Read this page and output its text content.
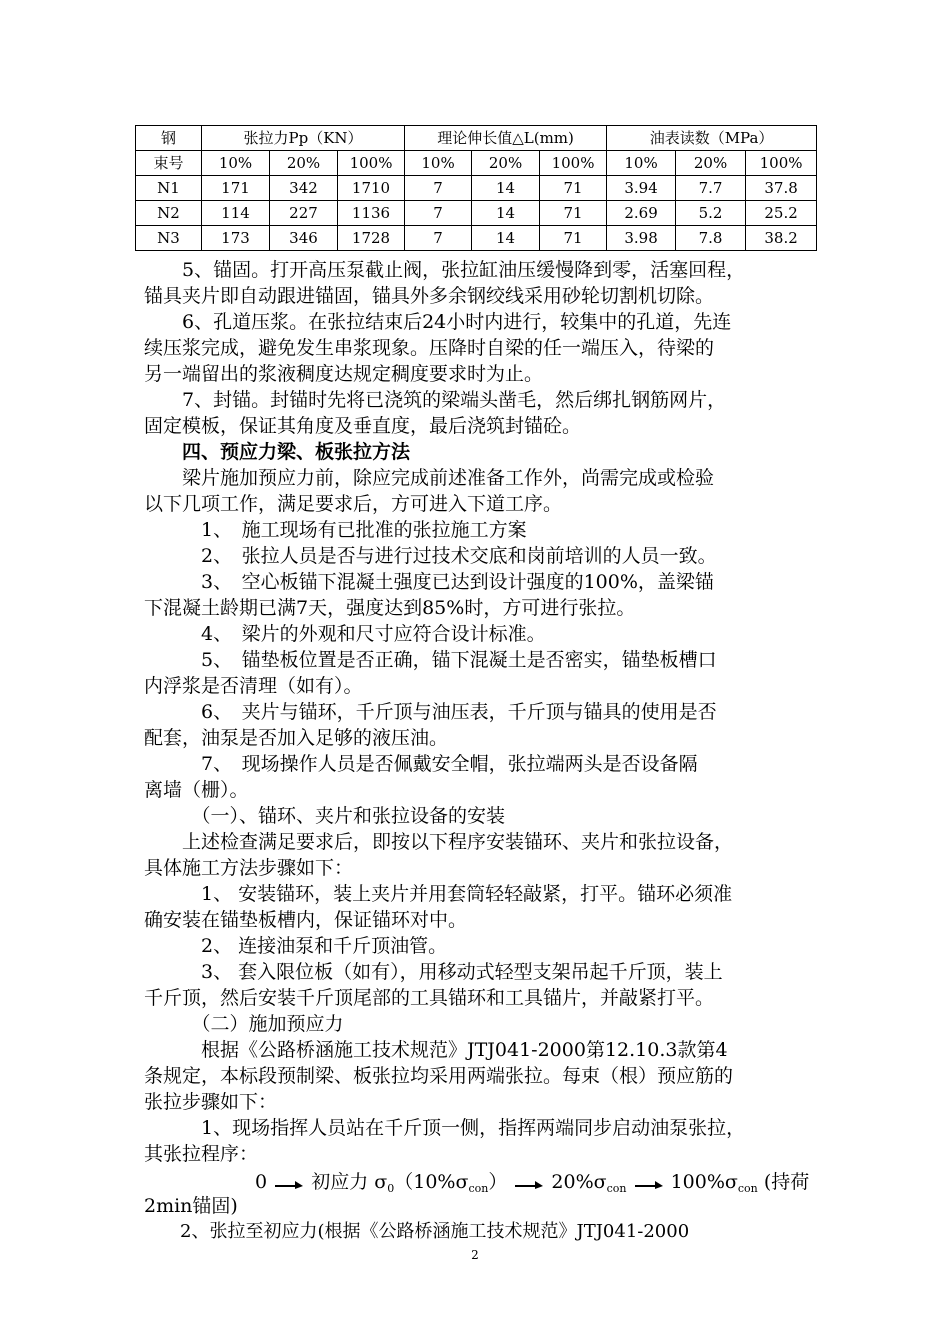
钢	张拉力Pp（KN）			理论伸长值△L(mm)			油表读数（MPa）		
束号	10%	20%	100%	10%	20%	100%	10%	20%	100%
N1	171	342	1710	7	14	71	3.94	7.7	37.8
N2	114	227	1136	7	14	71	2.69	5.2	25.2
N3	173	346	1728	7	14	71	3.98	7.8	38.2
　　5、锚固。打开高压泵截止阀，张拉缸油压缓慢降到零，活塞回程，
锚具夹片即自动跟进锚固，锚具外多余钢绞线采用砂轮切割机切除。
　　6、孔道压浆。在张拉结束后24小时内进行，较集中的孔道，先连
续压浆完成，避免发生串浆现象。压降时自梁的任一端压入，待梁的
另一端留出的浆液稠度达规定稠度要求时为止。
　　7、封锚。封锚时先将已浇筑的梁端头凿毛，然后绑扎钢筋网片，
固定模板，保证其角度及垂直度，最后浇筑封锚砼。
　　四、预应力梁、板张拉方法
　　梁片施加预应力前，除应完成前述准备工作外，尚需完成或检验
以下几项工作，满足要求后，方可进入下道工序。
　　　1、　施工现场有已批准的张拉施工方案
　　　2、　张拉人员是否与进行过技术交底和岗前培训的人员一致。
　　　3、　空心板锚下混凝土强度已达到设计强度的100%，盖梁锚
下混凝土龄期已满7天，强度达到85%时，方可进行张拉。
　　　4、　梁片的外观和尺寸应符合设计标准。
　　　5、　锚垫板位置是否正确，锚下混凝土是否密实，锚垫板槽口
内浮浆是否清理（如有）。
　　　6、　夹片与锚环，千斤顶与油压表，千斤顶与锚具的使用是否
配套，油泵是否加入足够的液压油。
　　　7、　现场操作人员是否佩戴安全帽，张拉端两头是否设备隔
离墙（栅）。
　　　（一）、锚环、夹片和张拉设备的安装
　　上述检查满足要求后，即按以下程序安装锚环、夹片和张拉设备，
具体施工方法步骤如下：
　　　1、 安装锚环，装上夹片并用套筒轻轻敲紧，打平。锚环必须准
确安装在锚垫板槽内，保证锚环对中。
　　　2、 连接油泵和千斤顶油管。
　　　3、 套入限位板（如有），用移动式轻型支架吊起千斤顶，装上
千斤顶，然后安装千斤顶尾部的工具锚环和工具锚片，并敲紧打平。
　　　（二）施加预应力
　　　根据《公路桥涵施工技术规范》JTJ041-2000第12.10.3款第4
条规定，本标段预制梁、板张拉均采用两端张拉。每束（根）预应筋的
张拉步骤如下：
　　　1、现场指挥人员站在千斤顶一侧，指挥两端同步启动油泵张拉，
其张拉程序：
0 初应力 σ0（10%σcon） 20%σcon 100%σcon (持荷
2min锚固)
　　2、张拉至初应力(根据《公路桥涵施工技术规范》JTJ041-2000
2
